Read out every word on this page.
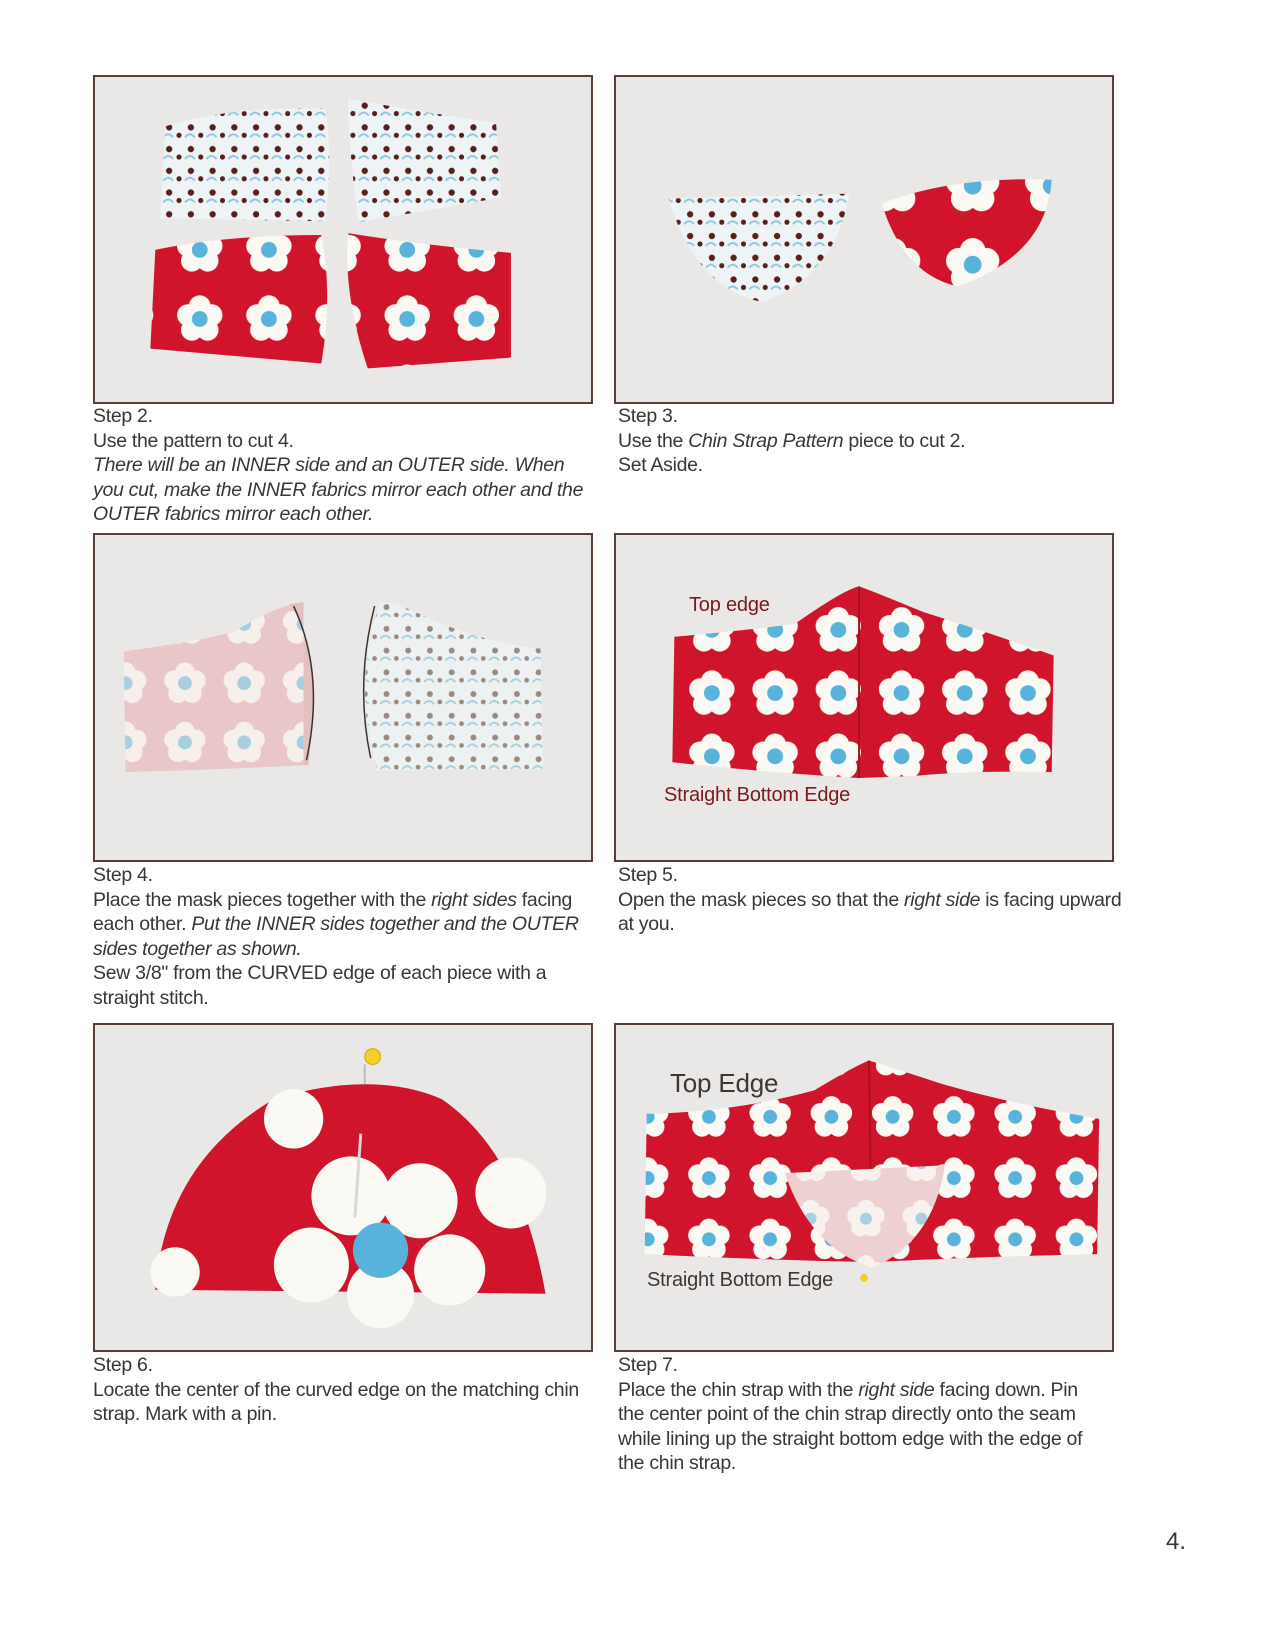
Step 2.

Use the pattern to cut 4.

There will be an INNER side and an OUTER side. When you cut, make the INNER fabrics mirror each other and the OUTER fabrics mirror each other.

Step 3.

Use the Chin Strap Pattern piece to cut 2.

Set Aside.

Top edge
Straight Bottom Edge

Step 4.

Place the mask pieces together with the right sides facing each other. Put the INNER sides together and the OUTER sides together as shown.

Sew 3/8" from the CURVED edge of each piece with a straight stitch.

Step 5.

Open the mask pieces so that the right side is facing upward at you.

Top Edge
Straight Bottom Edge

Step 6.

Locate the center of the curved edge on the matching chin strap. Mark with a pin.

Step 7.

Place the chin strap with the right side facing down. Pin the center point of the chin strap directly onto the seam while lining up the straight bottom edge with the edge of the chin strap.

4.
